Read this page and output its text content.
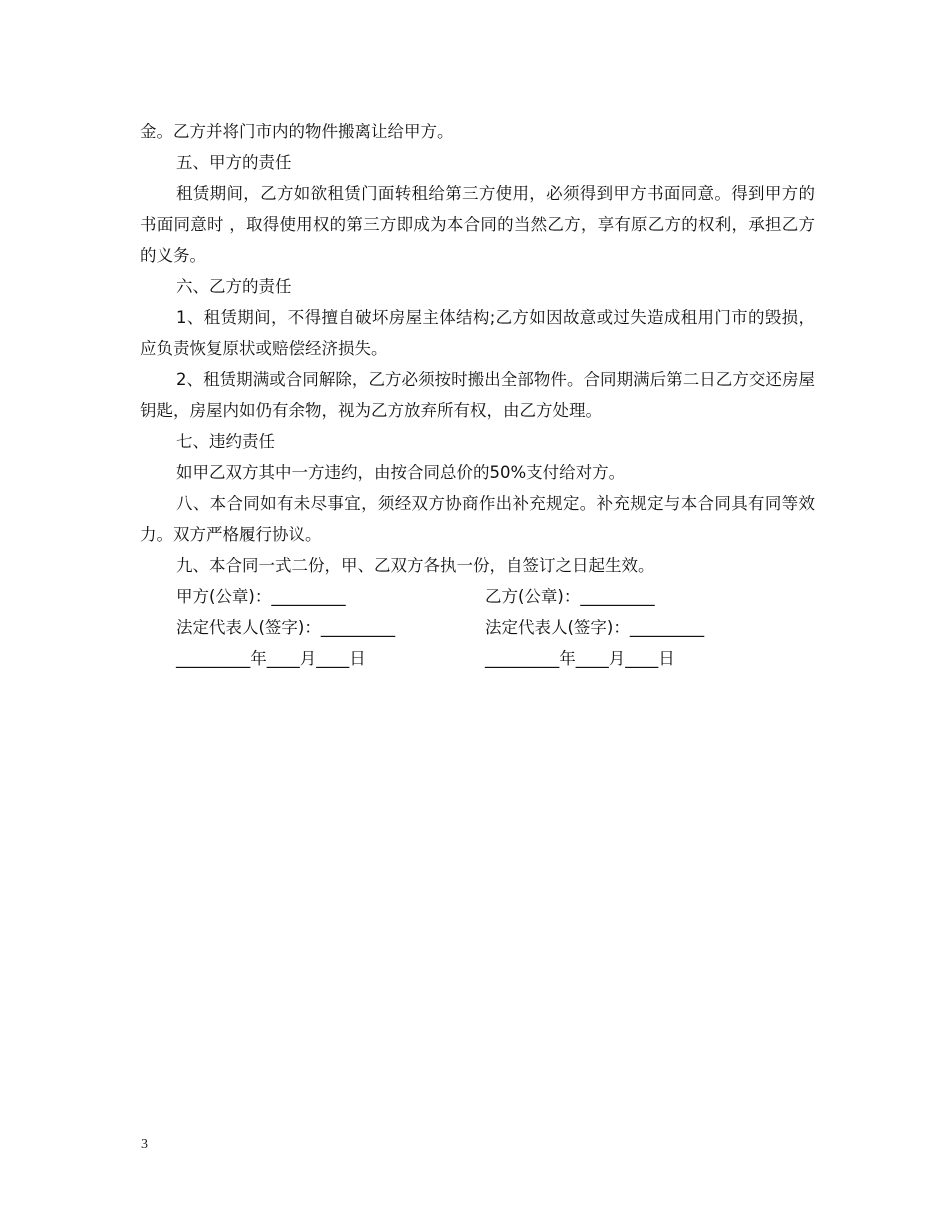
金。乙方并将门市内的物件搬离让给甲方。

五、甲方的责任

租赁期间，乙方如欲租赁门面转租给第三方使用，必须得到甲方书面同意。得到甲方的书面同意时 ，取得使用权的第三方即成为本合同的当然乙方，享有原乙方的权利，承担乙方的义务。

六、乙方的责任

1、租赁期间，不得擅自破坏房屋主体结构;乙方如因故意或过失造成租用门市的毁损，应负责恢复原状或赔偿经济损失。

2、租赁期满或合同解除，乙方必须按时搬出全部物件。合同期满后第二日乙方交还房屋钥匙，房屋内如仍有余物，视为乙方放弃所有权，由乙方处理。

七、违约责任

如甲乙双方其中一方违约，由按合同总价的50%支付给对方。

八、本合同如有未尽事宜，须经双方协商作出补充规定。补充规定与本合同具有同等效力。双方严格履行协议。

九、本合同一式二份，甲、乙双方各执一份，自签订之日起生效。

甲方(公章)：_________	乙方(公章)：_________
法定代表人(签字)：_________	法定代表人(签字)：_________
_________年____月____日	_________年____月____日
3
